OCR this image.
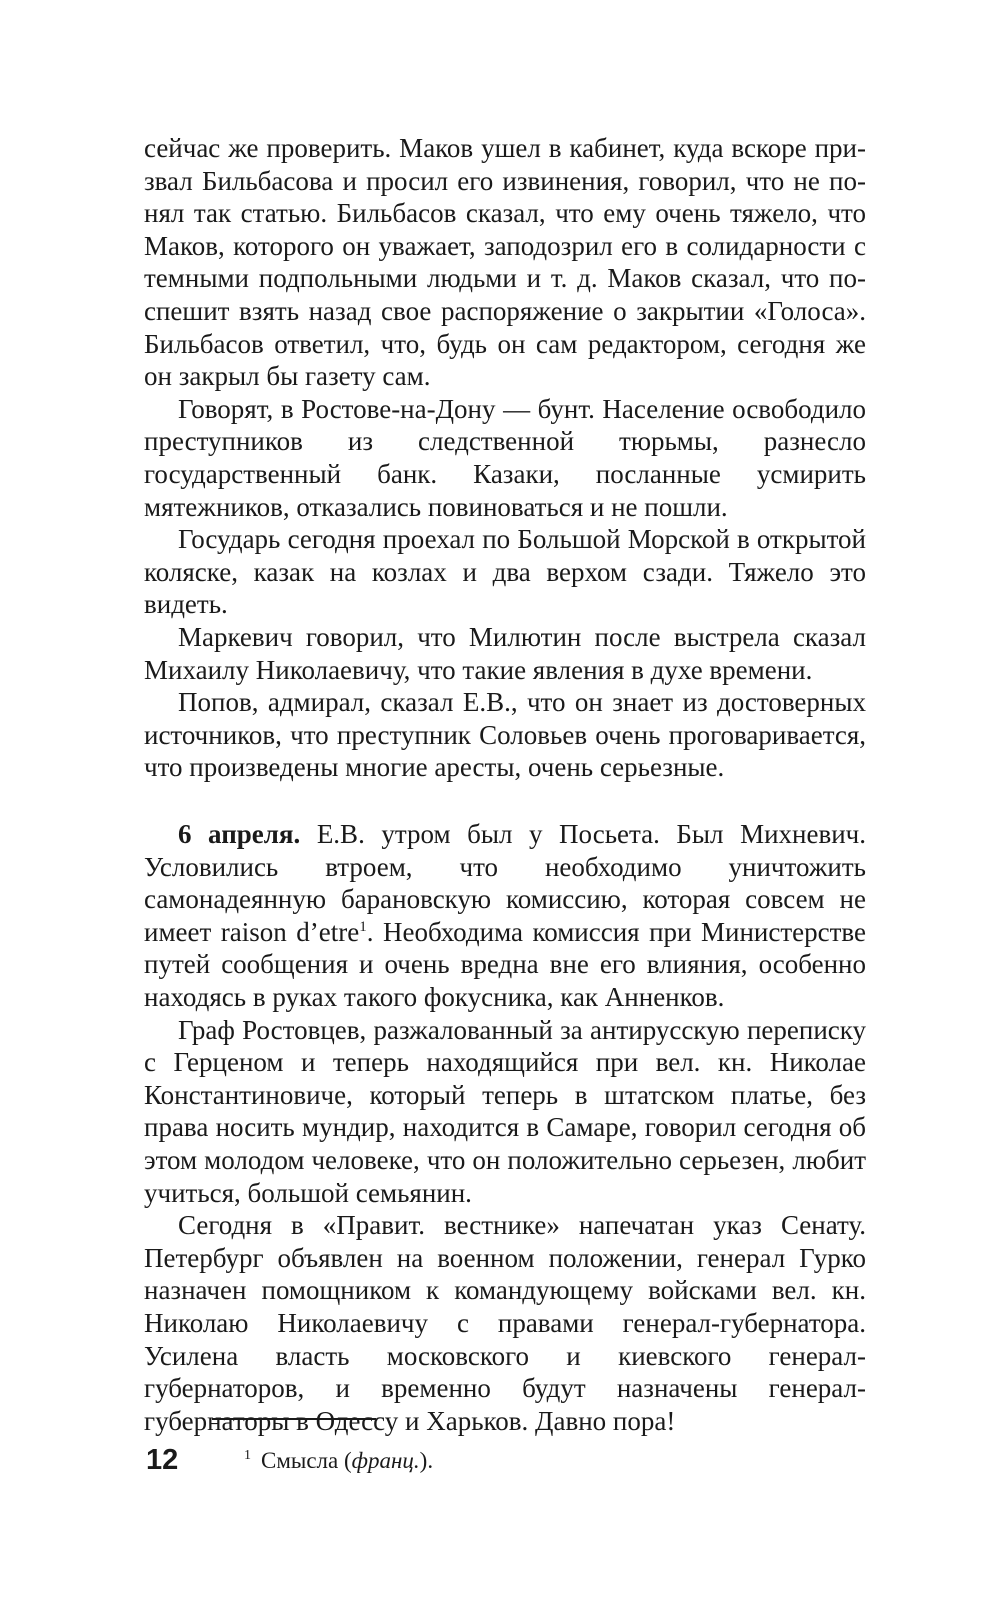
сейчас же проверить. Маков ушел в кабинет, куда вскоре призвал Бильбасова и просил его извинения, говорил, что не понял так статью. Бильбасов сказал, что ему очень тяжело, что Маков, которого он уважает, заподозрил его в солидарности с темными подпольными людьми и т. д. Маков сказал, что поспешит взять назад свое распоряжение о закрытии «Голоса». Бильбасов ответил, что, будь он сам редактором, сегодня же он закрыл бы газету сам.

Говорят, в Ростове-на-Дону — бунт. Население освободило преступников из следственной тюрьмы, разнесло государственный банк. Казаки, посланные усмирить мятежников, отказались повиноваться и не пошли.

Государь сегодня проехал по Большой Морской в открытой коляске, казак на козлах и два верхом сзади. Тяжело это видеть.

Маркевич говорил, что Милютин после выстрела сказал Михаилу Николаевичу, что такие явления в духе времени.

Попов, адмирал, сказал Е.В., что он знает из достоверных источников, что преступник Соловьев очень проговаривается, что произведены многие аресты, очень серьезные.

6 апреля. Е.В. утром был у Посьета. Был Михневич. Условились втроем, что необходимо уничтожить самонадеянную барановскую комиссию, которая совсем не имеет raison d’etre$^1$. Необходима комиссия при Министерстве путей сообщения и очень вредна вне его влияния, особенно находясь в руках такого фокусника, как Анненков.

Граф Ростовцев, разжалованный за антирусскую переписку с Герценом и теперь находящийся при вел. кн. Николае Константиновиче, который теперь в штатском платье, без права носить мундир, находится в Самаре, говорил сегодня об этом молодом человеке, что он положительно серьезен, любит учиться, большой семьянин.

Сегодня в «Правит. вестнике» напечатан указ Сенату. Петербург объявлен на военном положении, генерал Гурко назначен помощником к командующему войсками вел. кн. Николаю Николаевичу с правами генерал-губернатора. Усилена власть московского и киевского генерал-губернаторов, и временно будут назначены генерал-губернаторы в Одессу и Харьков. Давно пора!

12	$^1$ Смысла (франц.).
